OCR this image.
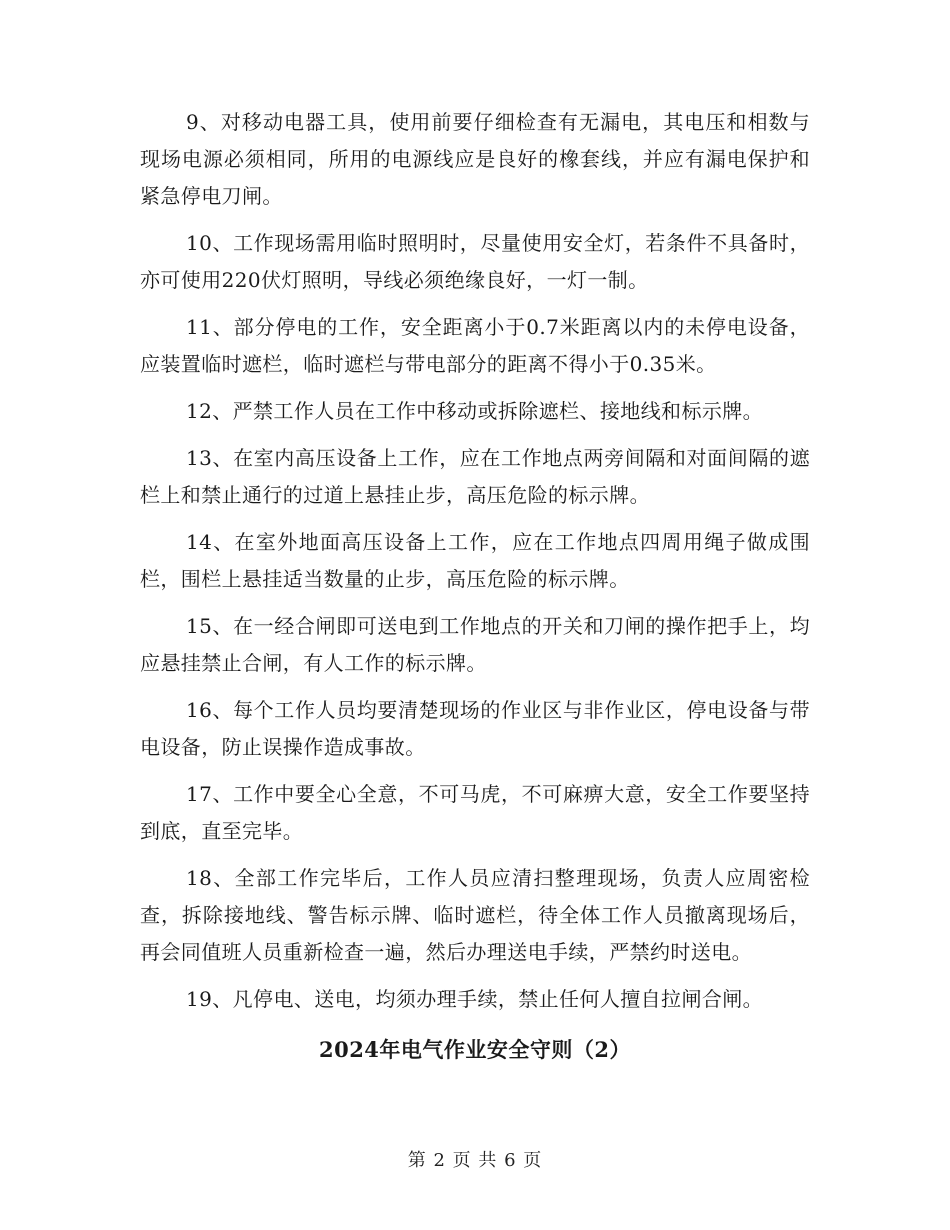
9、对移动电器工具，使用前要仔细检查有无漏电，其电压和相数与现场电源必须相同，所用的电源线应是良好的橡套线，并应有漏电保护和紧急停电刀闸。

10、工作现场需用临时照明时，尽量使用安全灯，若条件不具备时，亦可使用220伏灯照明，导线必须绝缘良好，一灯一制。

11、部分停电的工作，安全距离小于0.7米距离以内的未停电设备，应装置临时遮栏，临时遮栏与带电部分的距离不得小于0.35米。

12、严禁工作人员在工作中移动或拆除遮栏、接地线和标示牌。

13、在室内高压设备上工作，应在工作地点两旁间隔和对面间隔的遮栏上和禁止通行的过道上悬挂止步，高压危险的标示牌。

14、在室外地面高压设备上工作，应在工作地点四周用绳子做成围栏，围栏上悬挂适当数量的止步，高压危险的标示牌。

15、在一经合闸即可送电到工作地点的开关和刀闸的操作把手上，均应悬挂禁止合闸，有人工作的标示牌。

16、每个工作人员均要清楚现场的作业区与非作业区，停电设备与带电设备，防止误操作造成事故。

17、工作中要全心全意，不可马虎，不可麻痹大意，安全工作要坚持到底，直至完毕。

18、全部工作完毕后，工作人员应清扫整理现场，负责人应周密检查，拆除接地线、警告标示牌、临时遮栏，待全体工作人员撤离现场后，再会同值班人员重新检查一遍，然后办理送电手续，严禁约时送电。

19、凡停电、送电，均须办理手续，禁止任何人擅自拉闸合闸。

2024年电气作业安全守则（2）
第 2 页 共 6 页
